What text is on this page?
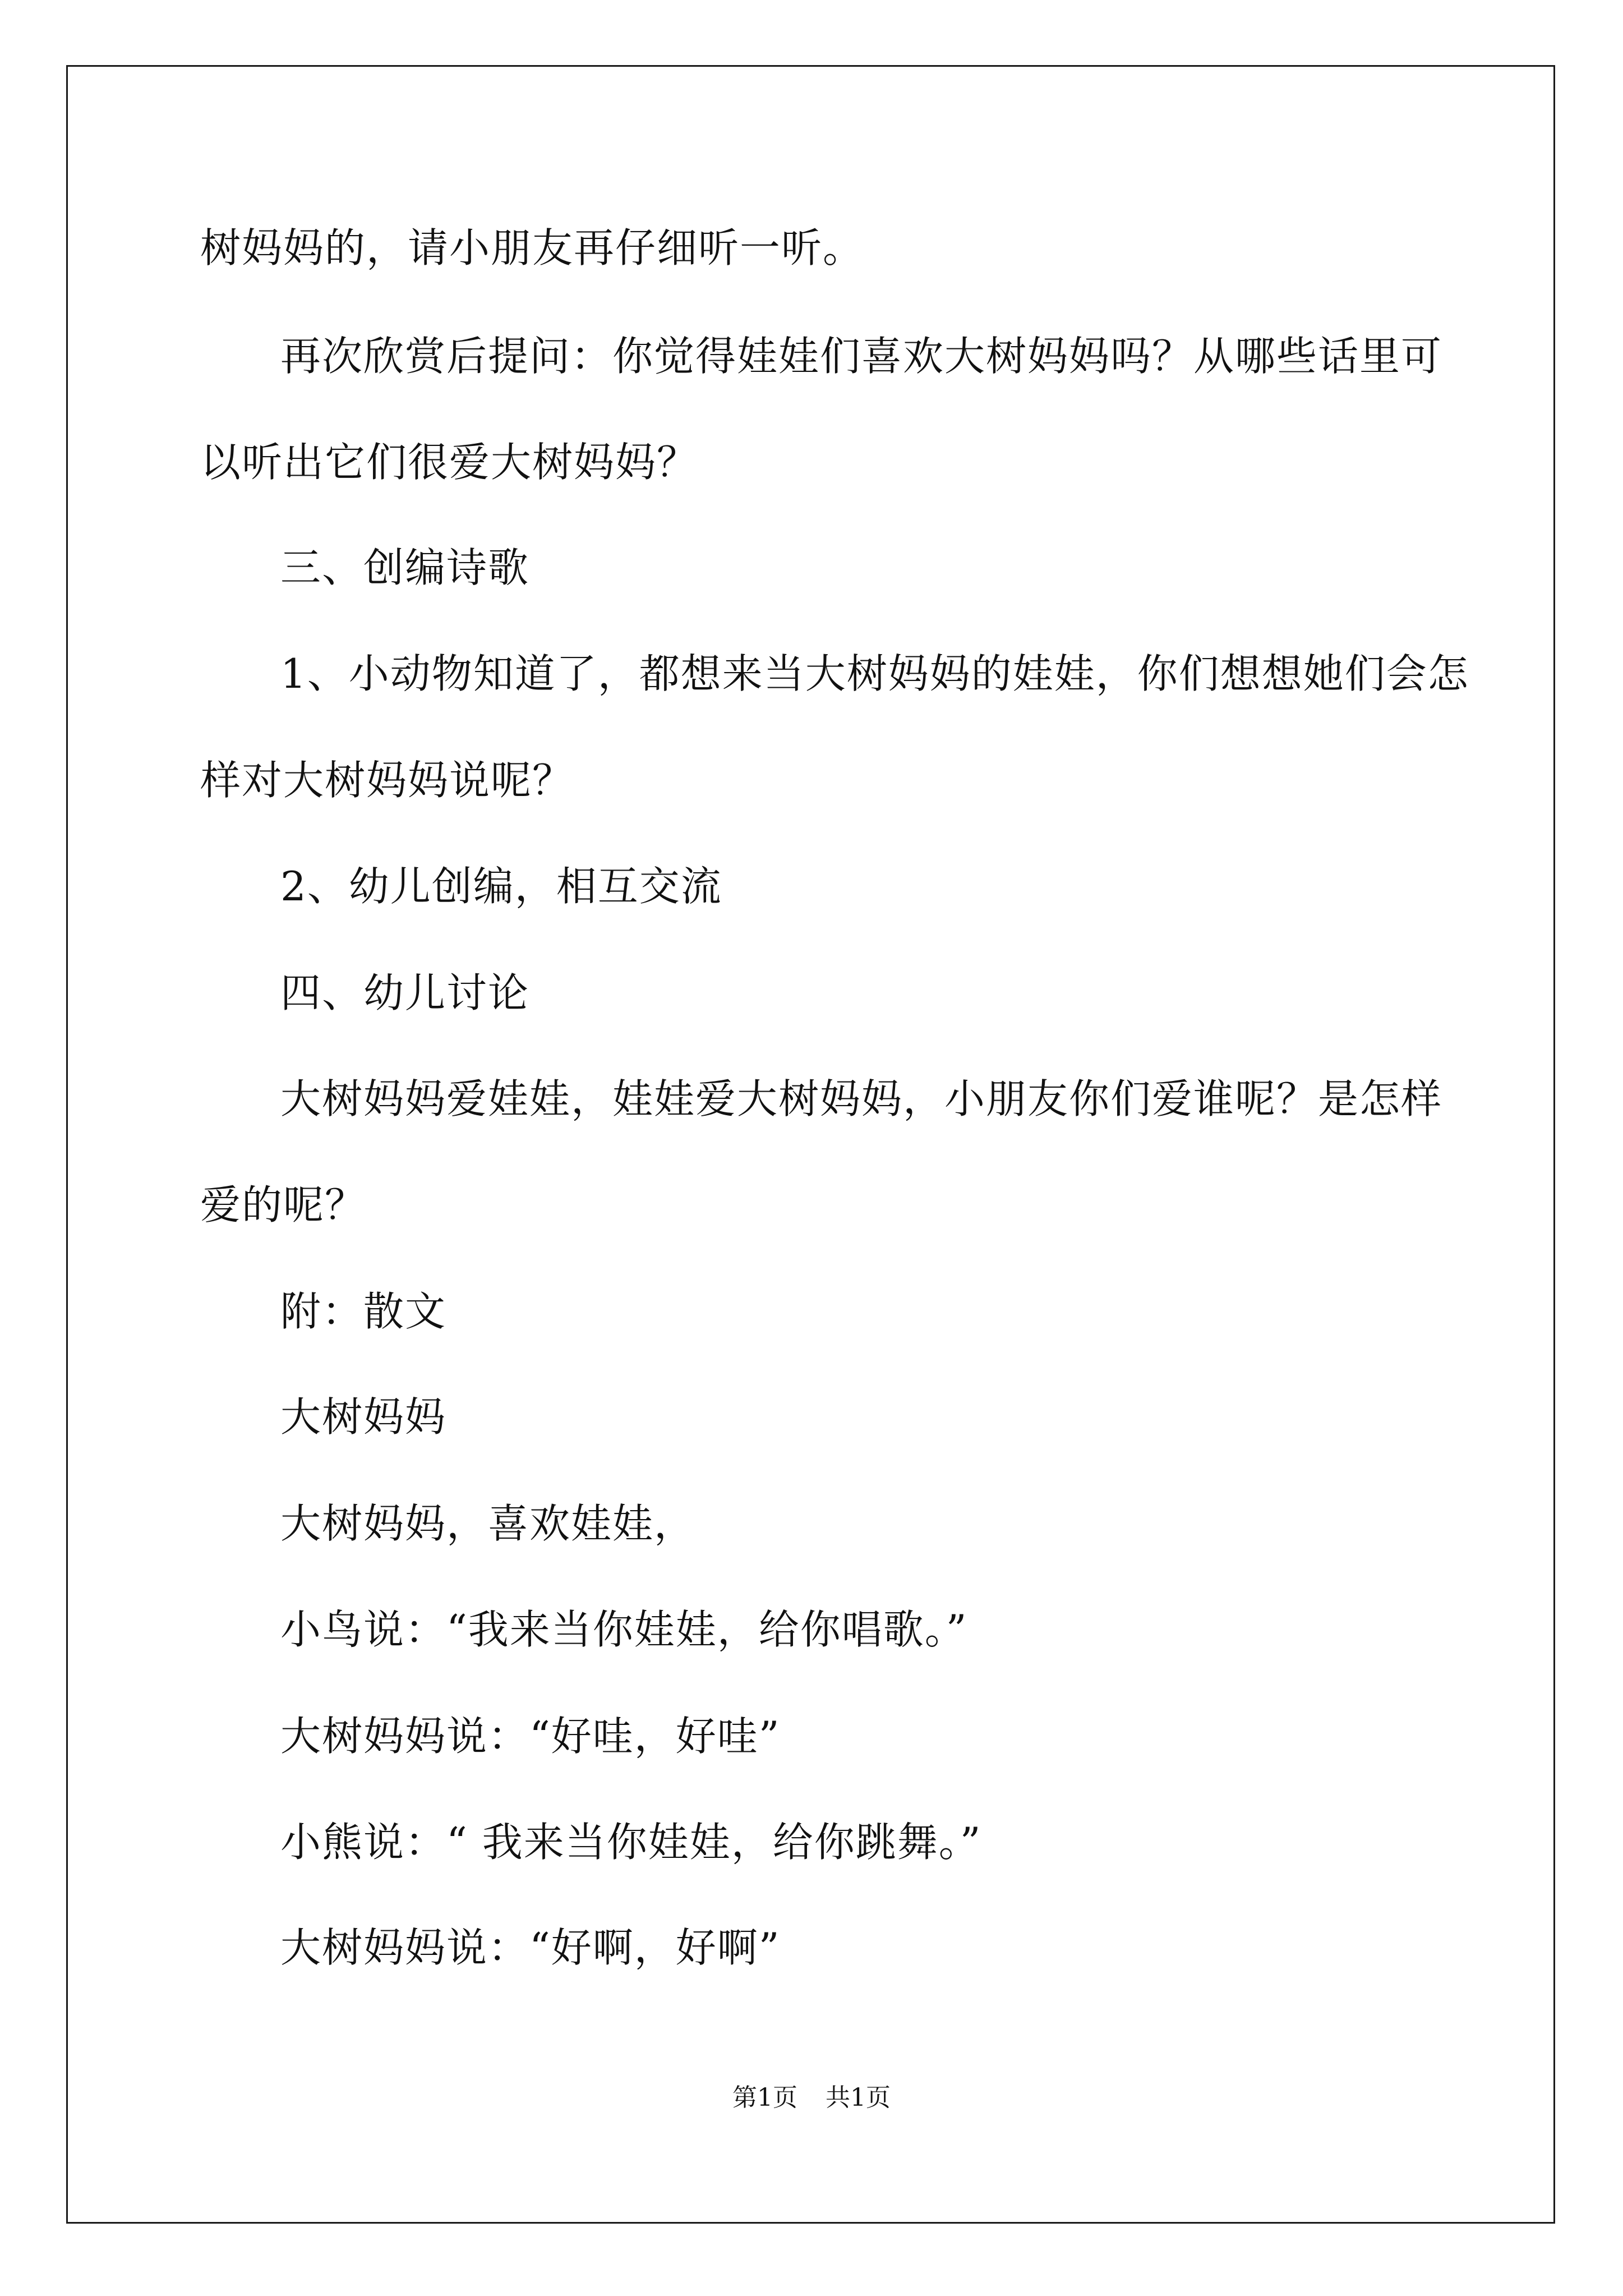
树妈妈的，请小朋友再仔细听一听。

再次欣赏后提问：你觉得娃娃们喜欢大树妈妈吗？从哪些话里可

以听出它们很爱大树妈妈？

三、创编诗歌

1、小动物知道了，都想来当大树妈妈的娃娃，你们想想她们会怎

样对大树妈妈说呢？

2、幼儿创编，相互交流

四、幼儿讨论

大树妈妈爱娃娃，娃娃爱大树妈妈，小朋友你们爱谁呢？是怎样

爱的呢？

附：散文

大树妈妈

大树妈妈，喜欢娃娃，

小鸟说：“我来当你娃娃，给你唱歌。”

大树妈妈说：“好哇，好哇”

小熊说：“ 我来当你娃娃，给你跳舞。”

大树妈妈说：“好啊，好啊”

第1页 共1页
